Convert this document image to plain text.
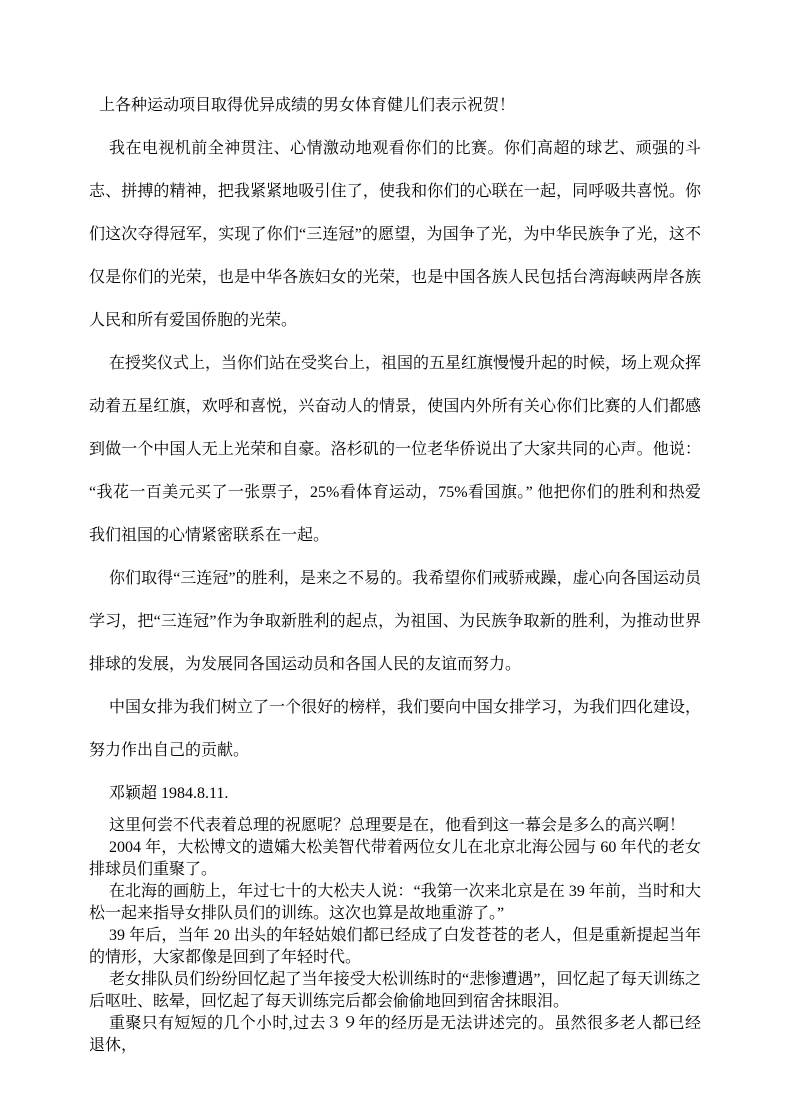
上各种运动项目取得优异成绩的男女体育健儿们表示祝贺！

我在电视机前全神贯注、心情激动地观看你们的比赛。你们高超的球艺、顽强的斗志、拼搏的精神，把我紧紧地吸引住了，使我和你们的心联在一起，同呼吸共喜悦。你们这次夺得冠军，实现了你们“三连冠”的愿望，为国争了光，为中华民族争了光，这不仅是你们的光荣，也是中华各族妇女的光荣，也是中国各族人民包括台湾海峡两岸各族人民和所有爱国侨胞的光荣。

在授奖仪式上，当你们站在受奖台上，祖国的五星红旗慢慢升起的时候，场上观众挥动着五星红旗，欢呼和喜悦，兴奋动人的情景，使国内外所有关心你们比赛的人们都感到做一个中国人无上光荣和自豪。洛杉矶的一位老华侨说出了大家共同的心声。他说：“我花一百美元买了一张票子，25%看体育运动，75%看国旗。” 他把你们的胜利和热爱我们祖国的心情紧密联系在一起。

你们取得“三连冠”的胜利，是来之不易的。我希望你们戒骄戒躁，虚心向各国运动员学习，把“三连冠”作为争取新胜利的起点，为祖国、为民族争取新的胜利，为推动世界排球的发展，为发展同各国运动员和各国人民的友谊而努力。

中国女排为我们树立了一个很好的榜样，我们要向中国女排学习，为我们四化建设，努力作出自己的贡献。

邓颖超 1984.8.11.

这里何尝不代表着总理的祝愿呢？总理要是在，他看到这一幕会是多么的高兴啊！

2004 年，大松博文的遗孀大松美智代带着两位女儿在北京北海公园与 60 年代的老女排球员们重聚了。

在北海的画舫上，年过七十的大松夫人说：“我第一次来北京是在 39 年前，当时和大松一起来指导女排队员们的训练。这次也算是故地重游了。”

39 年后，当年 20 出头的年轻姑娘们都已经成了白发苍苍的老人，但是重新提起当年的情形，大家都像是回到了年轻时代。

老女排队员们纷纷回忆起了当年接受大松训练时的“悲惨遭遇”，回忆起了每天训练之后呕吐、眩晕，回忆起了每天训练完后都会偷偷地回到宿舍抹眼泪。

重聚只有短短的几个小时,过去３９年的经历是无法讲述完的。虽然很多老人都已经退休，
